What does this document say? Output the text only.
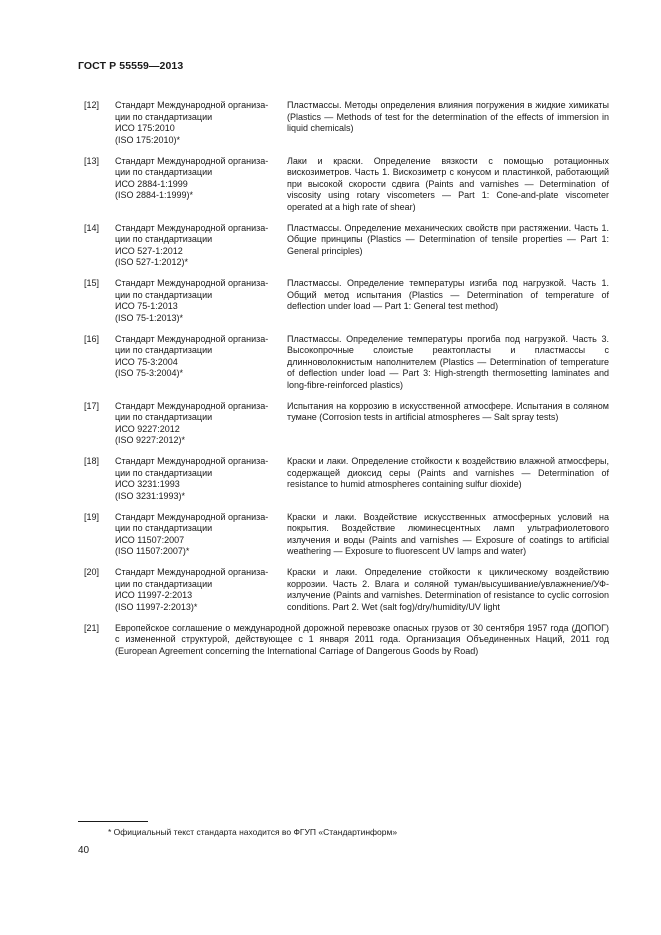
ГОСТ Р 55559—2013
[12]	Стандарт Международной организа-
ции по стандартизации
ИСО 175:2010
(ISO 175:2010)*
Пластмассы. Методы определения влияния погружения в жидкие химикаты (Plastics — Methods of test for the determination of the effects of immersion in liquid chemicals)
[13]	Стандарт Международной организа-
ции по стандартизации
ИСО 2884-1:1999
(ISO 2884-1:1999)*
Лаки и краски. Определение вязкости с помощью ротационных вискозиметров. Часть 1. Вискозиметр с конусом и пластинкой, работающий при высокой скорости сдвига (Paints and varnishes — Determination of viscosity using rotary viscometers — Part 1: Cone-and-plate viscometer operated at a high rate of shear)
[14]	Стандарт Международной организа-
ции по стандартизации
ИСО 527-1:2012
(ISO 527-1:2012)*
Пластмассы. Определение механических свойств при растяжении. Часть 1. Общие принципы (Plastics — Determination of tensile properties — Part 1: General principles)
[15]	Стандарт Международной организа-
ции по стандартизации
ИСО 75-1:2013
(ISO 75-1:2013)*
Пластмассы. Определение температуры изгиба под нагрузкой. Часть 1. Общий метод испытания (Plastics — Determination of temperature of deflection under load — Part 1: General test method)
[16]	Стандарт Международной организа-
ции по стандартизации
ИСО 75-3:2004
(ISO 75-3:2004)*
Пластмассы. Определение температуры прогиба под нагрузкой. Часть 3. Высокопрочные слоистые реактопласты и пластмассы с длинноволокнистым наполнителем (Plastics — Determination of temperature of deflection under load — Part 3: High-strength thermosetting laminates and long-fibre-reinforced plastics)
[17]	Стандарт Международной организа-
ции по стандартизации
ИСО 9227:2012
(ISO 9227:2012)*
Испытания на коррозию в искусственной атмосфере. Испытания в соляном тумане (Corrosion tests in artificial atmospheres — Salt spray tests)
[18]	Стандарт Международной организа-
ции по стандартизации
ИСО 3231:1993
(ISO 3231:1993)*
Краски и лаки. Определение стойкости к воздействию влажной атмосферы, содержащей диоксид серы (Paints and varnishes — Determination of resistance to humid atmospheres containing sulfur dioxide)
[19]	Стандарт Международной организа-
ции по стандартизации
ИСО 11507:2007
(ISO 11507:2007)*
Краски и лаки. Воздействие искусственных атмосферных условий на покрытия. Воздействие люминесцентных ламп ультрафиолетового излучения и воды (Paints and varnishes — Exposure of coatings to artificial weathering — Exposure to fluorescent UV lamps and water)
[20]	Стандарт Международной организа-
ции по стандартизации
ИСО 11997-2:2013
(ISO 11997-2:2013)*
Краски и лаки. Определение стойкости к циклическому воздействию коррозии. Часть 2. Влага и соляной туман/высушивание/увлажнение/УФ-излучение (Paints and varnishes. Determination of resistance to cyclic corrosion conditions. Part 2. Wet (salt fog)/dry/humidity/UV light
[21]	Европейское соглашение о международной дорожной перевозке опасных грузов от 30 сентября 1957 года (ДОПОГ) с измененной структурой, действующее с 1 января 2011 года. Организация Объединенных Наций, 2011 год (European Agreement concerning the International Carriage of Dangerous Goods by Road)
* Официальный текст стандарта находится во ФГУП «Стандартинформ»
40
